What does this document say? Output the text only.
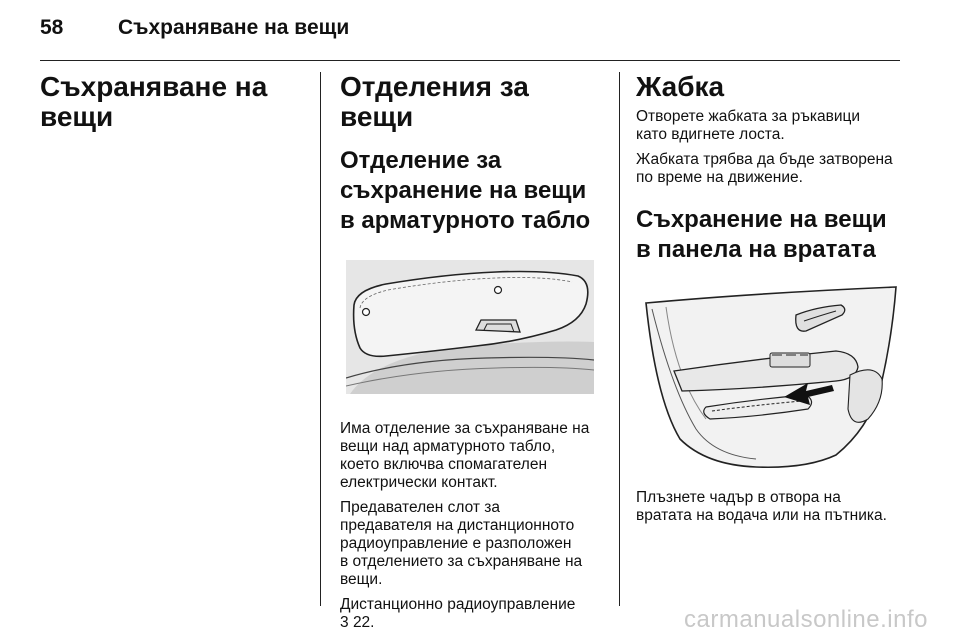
58	Съхраняване на вещи
Съхраняване на
вещи
Отделения за вещи
Отделение за
съхранение на вещи
в арматурното табло

Има отделение за съхраняване на
вещи над арматурното табло,
което включва спомагателен
електрически контакт.

Предавателен слот за
предавателя на дистанционното
радиоуправление е разположен
в отделението за съхраняване на
вещи.

Дистанционно радиоуправление
3 22.

Жабка

Отворете жабката за ръкавици
като вдигнете лоста.

Жабката трябва да бъде затворена
по време на движение.

Съхранение на вещи
в панела на вратата

Плъзнете чадър в отвора на
вратата на водача или на пътника.

carmanualsonline.info
